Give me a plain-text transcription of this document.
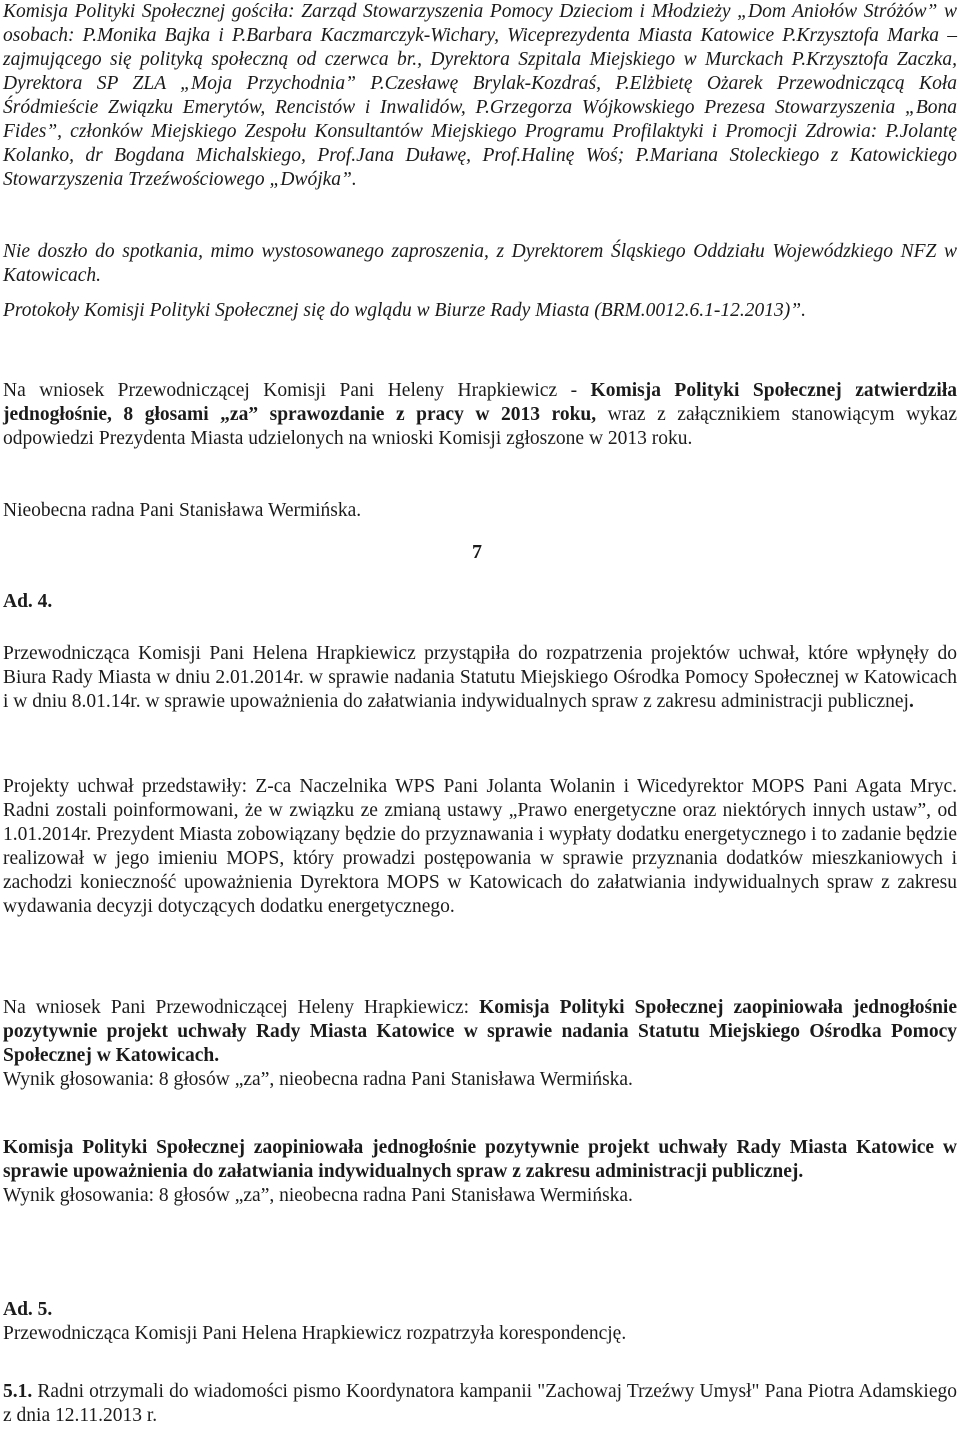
Komisja Polityki Społecznej gościła: Zarząd Stowarzyszenia Pomocy Dzieciom i Młodzieży „Dom Aniołów Stróżów” w osobach: P.Monika Bajka i P.Barbara Kaczmarczyk-Wichary, Wiceprezydenta Miasta Katowice P.Krzysztofa Marka – zajmującego się polityką społeczną od czerwca br., Dyrektora Szpitala Miejskiego w Murckach P.Krzysztofa Zaczka, Dyrektora SP ZLA „Moja Przychodnia” P.Czesławę Brylak-Kozdraś, P.Elżbietę Ożarek Przewodniczącą Koła Śródmieście Związku Emerytów, Rencistów i Inwalidów, P.Grzegorza Wójkowskiego Prezesa Stowarzyszenia „Bona Fides”, członków Miejskiego Zespołu Konsultantów Miejskiego Programu Profilaktyki i Promocji Zdrowia: P.Jolantę Kolanko, dr Bogdana Michalskiego, Prof.Jana Duławę, Prof.Halinę Woś; P.Mariana Stoleckiego z Katowickiego Stowarzyszenia Trzeźwościowego „Dwójka”.

Nie doszło do spotkania, mimo wystosowanego zaproszenia, z Dyrektorem Śląskiego Oddziału Wojewódzkiego NFZ w Katowicach.

Protokoły Komisji Polityki Społecznej się do wglądu w Biurze Rady Miasta (BRM.0012.6.1-12.2013)”.

Na wniosek Przewodniczącej Komisji Pani Heleny Hrapkiewicz - Komisja Polityki Społecznej zatwierdziła jednogłośnie, 8 głosami „za” sprawozdanie z pracy w 2013 roku, wraz z załącznikiem stanowiącym wykaz odpowiedzi Prezydenta Miasta udzielonych na wnioski Komisji zgłoszone w 2013 roku.

Nieobecna radna Pani Stanisława Wermińska.

7

Ad. 4.

Przewodnicząca Komisji Pani Helena Hrapkiewicz przystąpiła do rozpatrzenia projektów uchwał, które wpłynęły do Biura Rady Miasta w dniu 2.01.2014r. w sprawie nadania Statutu Miejskiego Ośrodka Pomocy Społecznej w Katowicach i w dniu 8.01.14r. w sprawie upoważnienia do załatwiania indywidualnych spraw z zakresu administracji publicznej.

Projekty uchwał przedstawiły: Z-ca Naczelnika WPS Pani Jolanta Wolanin i Wicedyrektor MOPS Pani Agata Mryc. Radni zostali poinformowani, że w związku ze zmianą ustawy „Prawo energetyczne oraz niektórych innych ustaw”, od 1.01.2014r. Prezydent Miasta zobowiązany będzie do przyznawania i wypłaty dodatku energetycznego i to zadanie będzie realizował w jego imieniu MOPS, który prowadzi postępowania w sprawie przyznania dodatków mieszkaniowych i zachodzi konieczność upoważnienia Dyrektora MOPS w Katowicach do załatwiania indywidualnych spraw z zakresu wydawania decyzji dotyczących dodatku energetycznego.

Na wniosek Pani Przewodniczącej Heleny Hrapkiewicz: Komisja Polityki Społecznej zaopiniowała jednogłośnie pozytywnie projekt uchwały Rady Miasta Katowice w sprawie nadania Statutu Miejskiego Ośrodka Pomocy Społecznej w Katowicach.
Wynik głosowania: 8 głosów „za”, nieobecna radna Pani Stanisława Wermińska.

Komisja Polityki Społecznej zaopiniowała jednogłośnie pozytywnie projekt uchwały Rady Miasta Katowice w sprawie upoważnienia do załatwiania indywidualnych spraw z zakresu administracji publicznej.
Wynik głosowania: 8 głosów „za”, nieobecna radna Pani Stanisława Wermińska.

Ad. 5.
Przewodnicząca Komisji Pani Helena Hrapkiewicz rozpatrzyła korespondencję.

5.1. Radni otrzymali do wiadomości pismo Koordynatora kampanii "Zachowaj Trzeźwy Umysł" Pana Piotra Adamskiego z dnia 12.11.2013 r.
